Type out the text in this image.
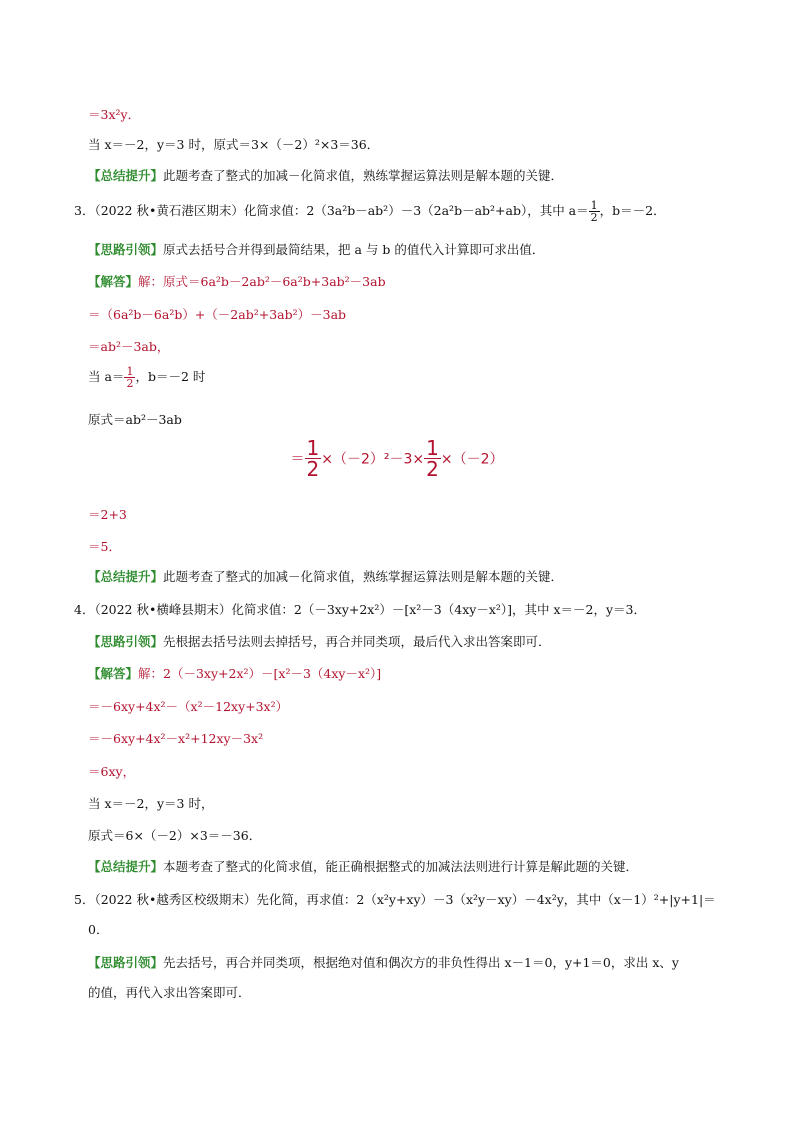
＝3x²y．
当 x＝－2，y＝3 时，原式＝3×（－2）²×3＝36．
【总结提升】此题考查了整式的加减－化简求值，熟练掌握运算法则是解本题的关键．
3．（2022 秋•黄石港区期末）化简求值：2（3a²b－ab²）－3（2a²b－ab²+ab），其中 $a= \frac{1}{2}$ ，b＝－2．
【思路引领】原式去括号合并得到最简结果，把 a 与 b 的值代入计算即可求出值．
【解答】解：原式＝6a²b－2ab²－6a²b+3ab²－3ab
＝（6a²b－6a²b）+（－2ab²+3ab²）－3ab
＝ab²－3ab，
当 $a= \frac{1}{2}$ ，b＝－2 时
原式＝ab²－3ab
＝ $\frac{1}{2} \times(-2)^2-3\times \frac{1}{2} \times(-2)$
＝2+3
＝5．
【总结提升】此题考查了整式的加减－化简求值，熟练掌握运算法则是解本题的关键．
4．（2022 秋•横峰县期末）化简求值：2（－3xy+2x²）－[x²－3（4xy－x²）]，其中 x＝－2，y＝3．
【思路引领】先根据去括号法则去掉括号，再合并同类项，最后代入求出答案即可．
【解答】解：2（－3xy+2x²）－[x²－3（4xy－x²）]
＝－6xy+4x²－（x²－12xy+3x²）
＝－6xy+4x²－x²+12xy－3x²
＝6xy，
当 x＝－2，y＝3 时，
原式＝6×（－2）×3＝－36．
【总结提升】本题考查了整式的化简求值，能正确根据整式的加减法法则进行计算是解此题的关键．
5．（2022 秋•越秀区校级期末）先化简，再求值：2（x²y+xy）－3（x²y－xy）－4x²y，其中（x－1）²+|y+1|＝
0．
【思路引领】先去括号，再合并同类项，根据绝对值和偶次方的非负性得出 x－1＝0，y+1＝0，求出 x、y
的值，再代入求出答案即可．
